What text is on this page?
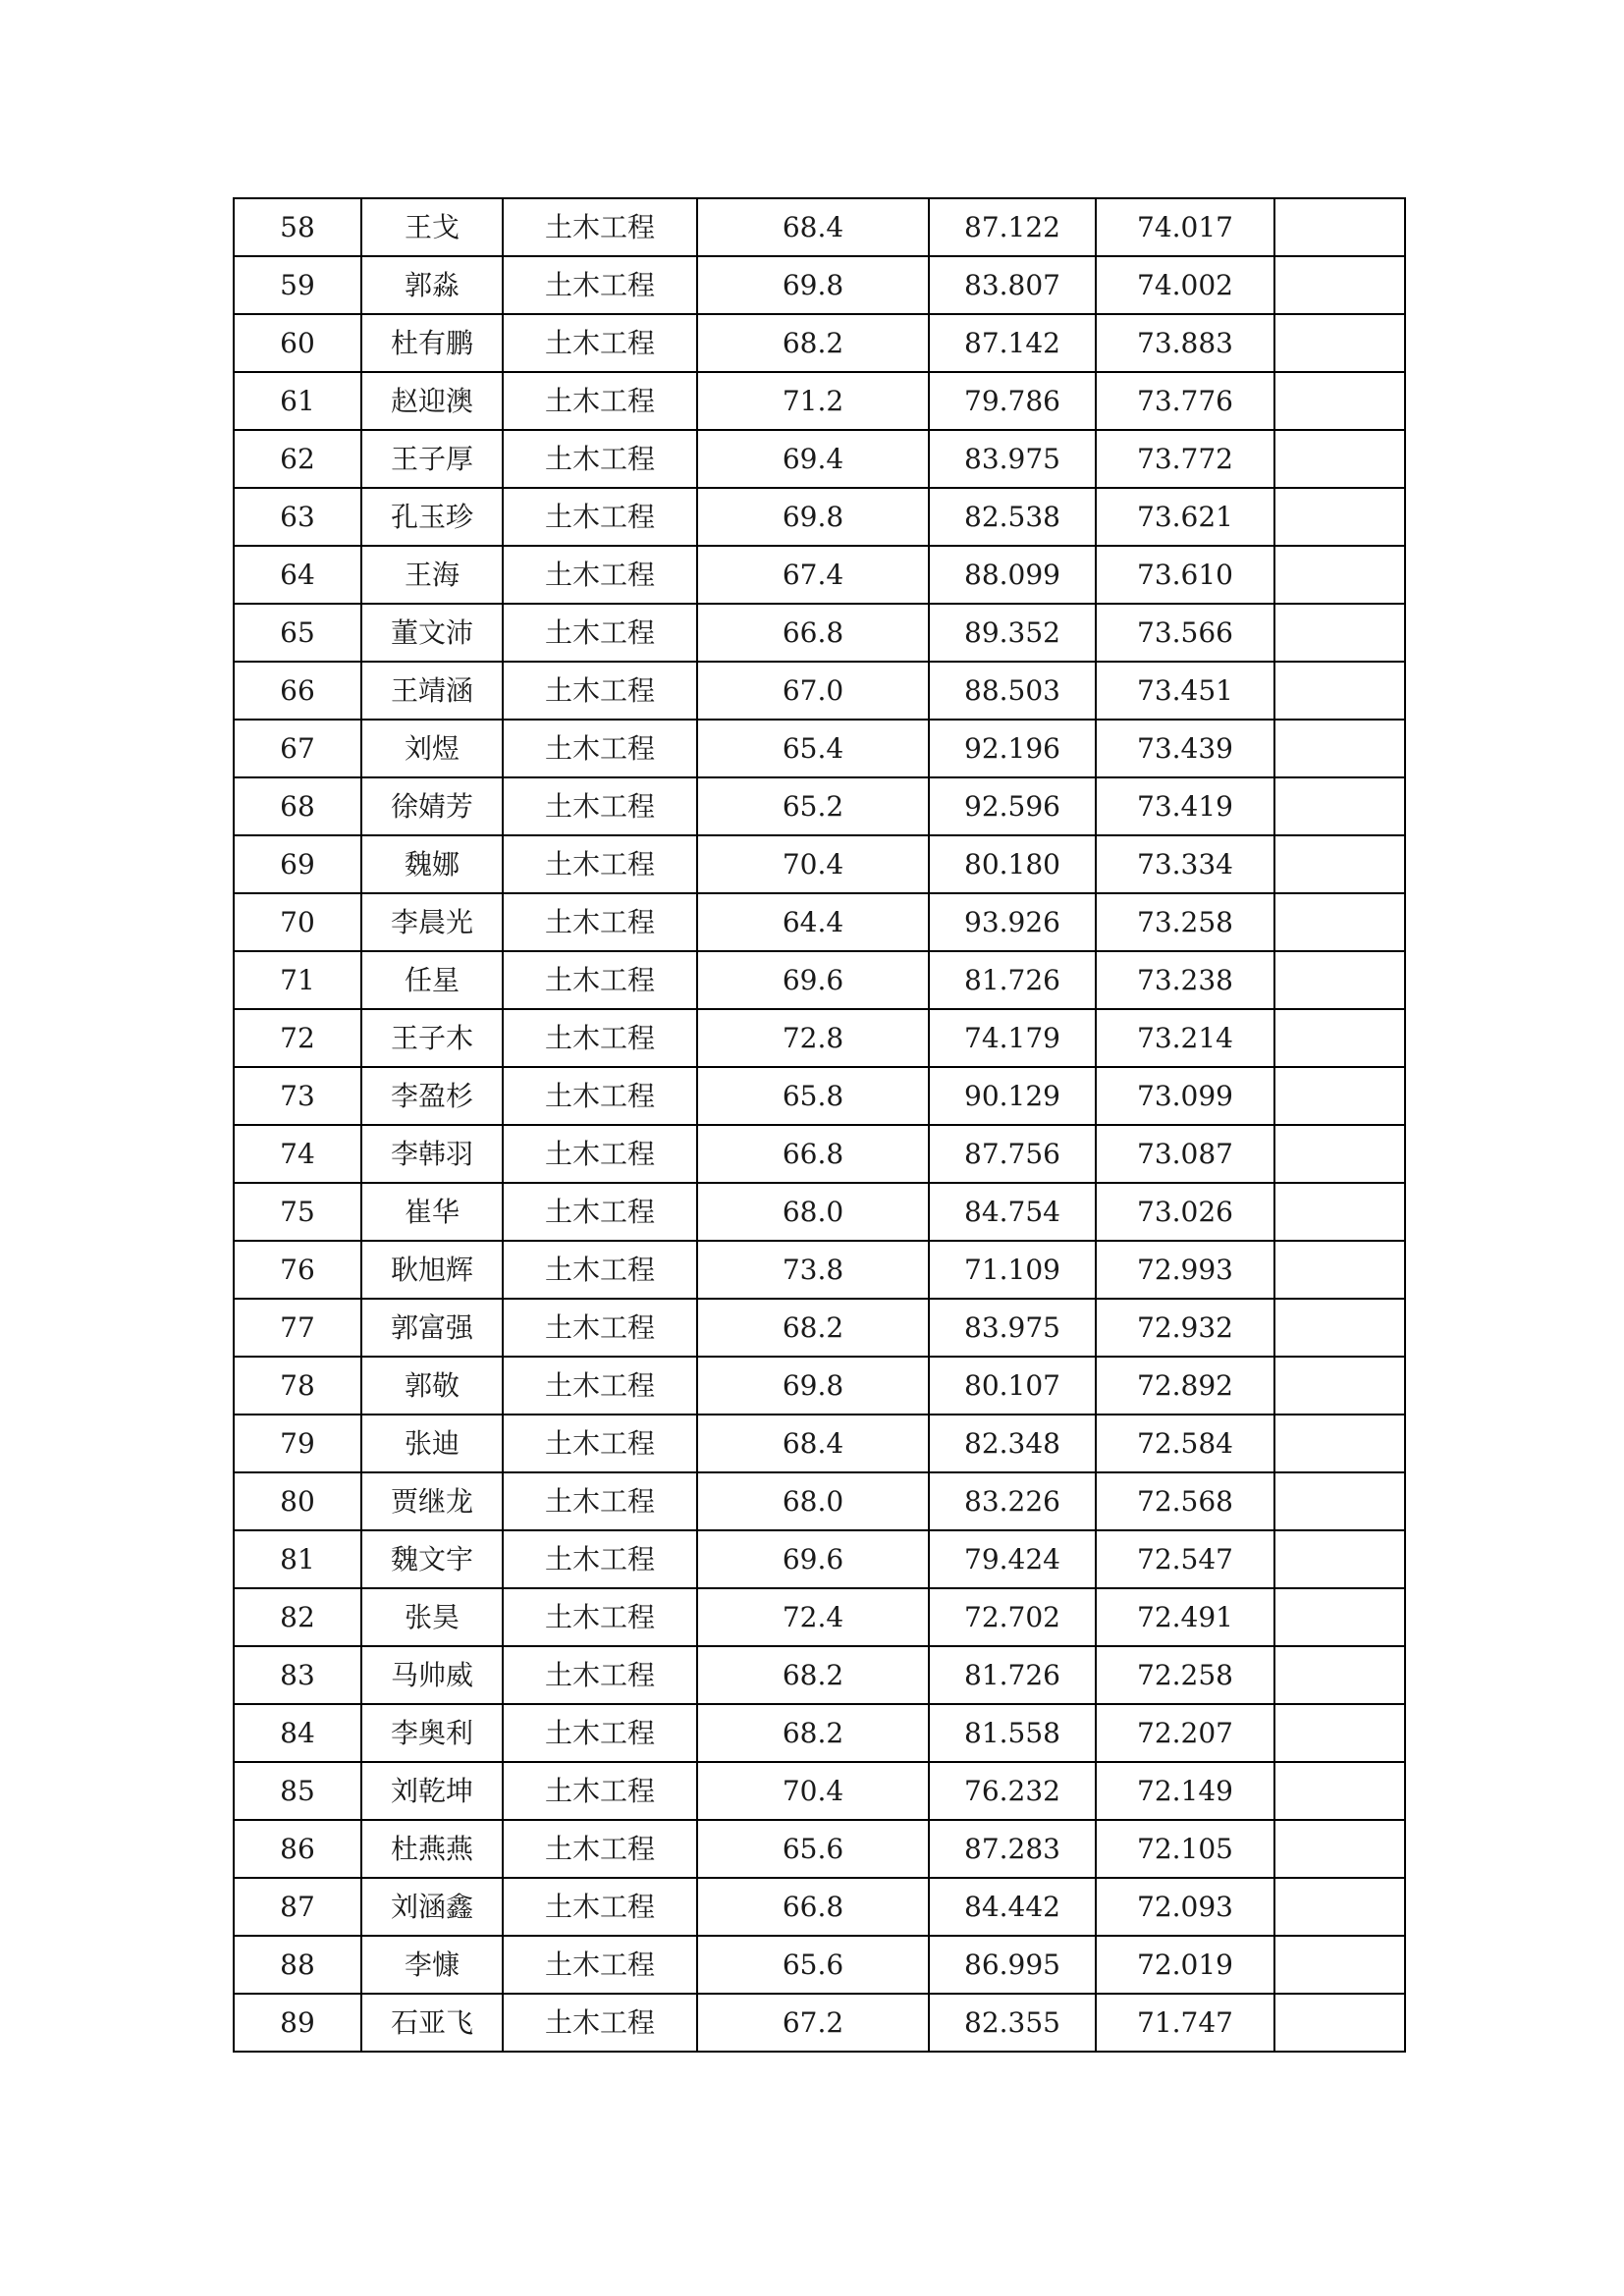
58	王戈	土木工程	68.4	87.122	74.017	
59	郭淼	土木工程	69.8	83.807	74.002	
60	杜有鹏	土木工程	68.2	87.142	73.883	
61	赵迎澳	土木工程	71.2	79.786	73.776	
62	王子厚	土木工程	69.4	83.975	73.772	
63	孔玉珍	土木工程	69.8	82.538	73.621	
64	王海	土木工程	67.4	88.099	73.610	
65	董文沛	土木工程	66.8	89.352	73.566	
66	王靖涵	土木工程	67.0	88.503	73.451	
67	刘煜	土木工程	65.4	92.196	73.439	
68	徐婧芳	土木工程	65.2	92.596	73.419	
69	魏娜	土木工程	70.4	80.180	73.334	
70	李晨光	土木工程	64.4	93.926	73.258	
71	任星	土木工程	69.6	81.726	73.238	
72	王子木	土木工程	72.8	74.179	73.214	
73	李盈杉	土木工程	65.8	90.129	73.099	
74	李韩羽	土木工程	66.8	87.756	73.087	
75	崔华	土木工程	68.0	84.754	73.026	
76	耿旭辉	土木工程	73.8	71.109	72.993	
77	郭富强	土木工程	68.2	83.975	72.932	
78	郭敬	土木工程	69.8	80.107	72.892	
79	张迪	土木工程	68.4	82.348	72.584	
80	贾继龙	土木工程	68.0	83.226	72.568	
81	魏文宇	土木工程	69.6	79.424	72.547	
82	张昊	土木工程	72.4	72.702	72.491	
83	马帅威	土木工程	68.2	81.726	72.258	
84	李奥利	土木工程	68.2	81.558	72.207	
85	刘乾坤	土木工程	70.4	76.232	72.149	
86	杜燕燕	土木工程	65.6	87.283	72.105	
87	刘涵鑫	土木工程	66.8	84.442	72.093	
88	李慷	土木工程	65.6	86.995	72.019	
89	石亚飞	土木工程	67.2	82.355	71.747	
